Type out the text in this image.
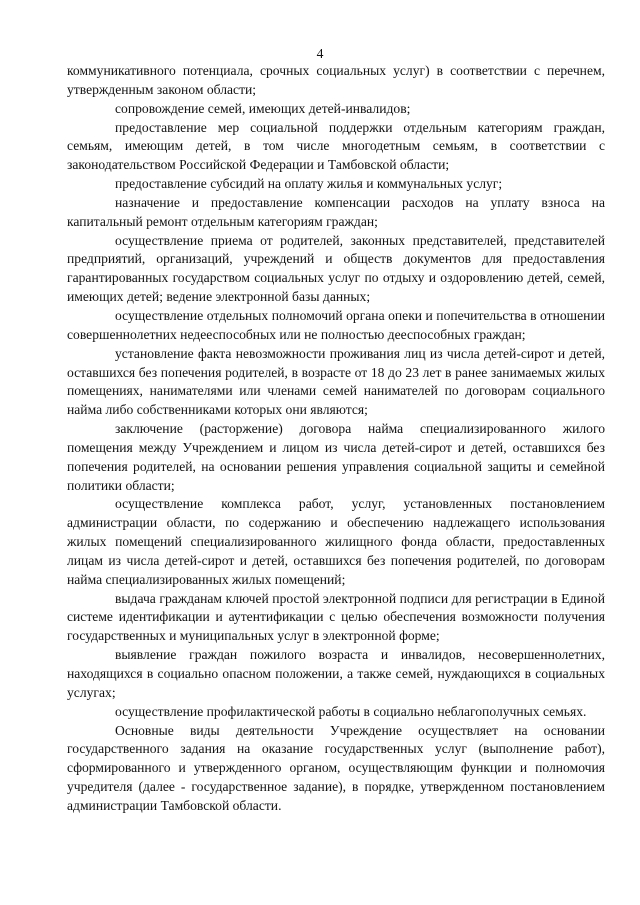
4

коммуникативного потенциала, срочных социальных услуг) в соответствии с перечнем, утвержденным законом области;

сопровождение семей, имеющих детей-инвалидов;

предоставление мер социальной поддержки отдельным категориям граждан, семьям, имеющим детей, в том числе многодетным семьям, в соответствии с законодательством Российской Федерации и Тамбовской области;

предоставление субсидий на оплату жилья и коммунальных услуг;

назначение и предоставление компенсации расходов на уплату взноса на капитальный ремонт отдельным категориям граждан;

осуществление приема от родителей, законных представителей, представителей предприятий, организаций, учреждений и обществ документов для предоставления гарантированных государством социальных услуг по отдыху и оздоровлению детей, семей, имеющих детей; ведение электронной базы данных;

осуществление отдельных полномочий органа опеки и попечительства в отношении совершеннолетних недееспособных или не полностью дееспособных граждан;

установление факта невозможности проживания лиц из числа детей-сирот и детей, оставшихся без попечения родителей, в возрасте от 18 до 23 лет в ранее занимаемых жилых помещениях, нанимателями или членами семей нанимателей по договорам социального найма либо собственниками которых они являются;

заключение (расторжение) договора найма специализированного жилого помещения между Учреждением и лицом из числа детей-сирот и детей, оставшихся без попечения родителей, на основании решения управления социальной защиты и семейной политики области;

осуществление комплекса работ, услуг, установленных постановлением администрации области, по содержанию и обеспечению надлежащего использования жилых помещений специализированного жилищного фонда области, предоставленных лицам из числа детей-сирот и детей, оставшихся без попечения родителей, по договорам найма специализированных жилых помещений;

выдача гражданам ключей простой электронной подписи для регистрации в Единой системе идентификации и аутентификации с целью обеспечения возможности получения государственных и муниципальных услуг в электронной форме;

выявление граждан пожилого возраста и инвалидов, несовершеннолетних, находящихся в социально опасном положении, а также семей, нуждающихся в социальных услугах;

осуществление профилактической работы в социально неблагополучных семьях.

Основные виды деятельности Учреждение осуществляет на основании государственного задания на оказание государственных услуг (выполнение работ), сформированного и утвержденного органом, осуществляющим функции и полномочия учредителя (далее - государственное задание), в порядке, утвержденном постановлением администрации Тамбовской области.
